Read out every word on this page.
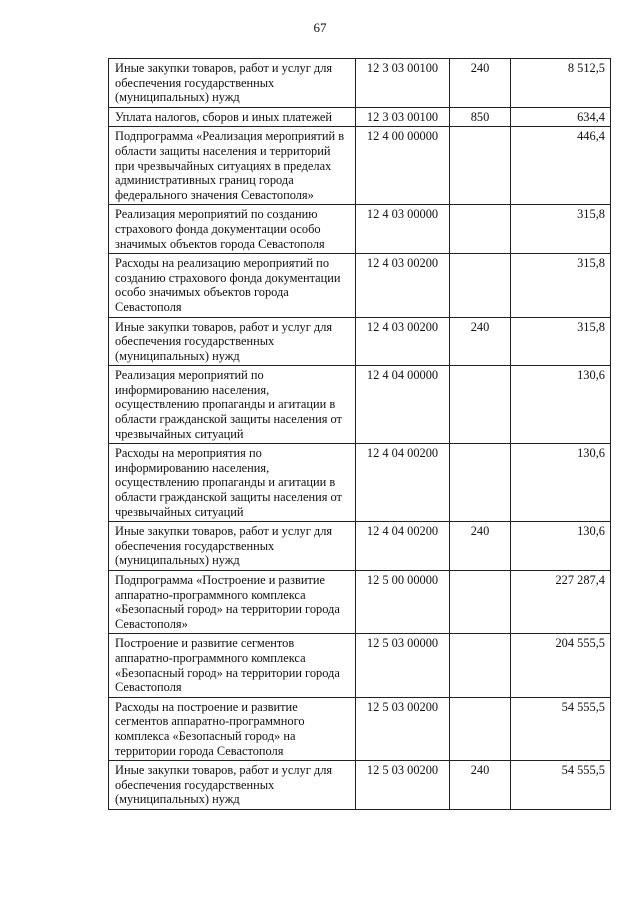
67
Иные закупки товаров, работ и услуг для обеспечения государственных (муниципальных) нужд	12 3 03 00100	240	8 512,5
Уплата налогов, сборов и иных платежей	12 3 03 00100	850	634,4
Подпрограмма «Реализация мероприятий в области защиты населения и территорий при чрезвычайных ситуациях в пределах административных границ города федерального значения Севастополя»	12 4 00 00000		446,4
Реализация мероприятий по созданию страхового фонда документации особо значимых объектов города Севастополя	12 4 03 00000		315,8
Расходы на реализацию мероприятий по созданию страхового фонда документации особо значимых объектов города Севастополя	12 4 03 00200		315,8
Иные закупки товаров, работ и услуг для обеспечения государственных (муниципальных) нужд	12 4 03 00200	240	315,8
Реализация мероприятий по информированию населения, осуществлению пропаганды и агитации в области гражданской защиты населения от чрезвычайных ситуаций	12 4 04 00000		130,6
Расходы на мероприятия по информированию населения, осуществлению пропаганды и агитации в области гражданской защиты населения от чрезвычайных ситуаций	12 4 04 00200		130,6
Иные закупки товаров, работ и услуг для обеспечения государственных (муниципальных) нужд	12 4 04 00200	240	130,6
Подпрограмма «Построение и развитие аппаратно-программного комплекса «Безопасный город» на территории города Севастополя»	12 5 00 00000		227 287,4
Построение и развитие сегментов аппаратно-программного комплекса «Безопасный город» на территории города Севастополя	12 5 03 00000		204 555,5
Расходы на построение и развитие сегментов аппаратно-программного комплекса «Безопасный город» на территории города Севастополя	12 5 03 00200		54 555,5
Иные закупки товаров, работ и услуг для обеспечения государственных (муниципальных) нужд	12 5 03 00200	240	54 555,5
